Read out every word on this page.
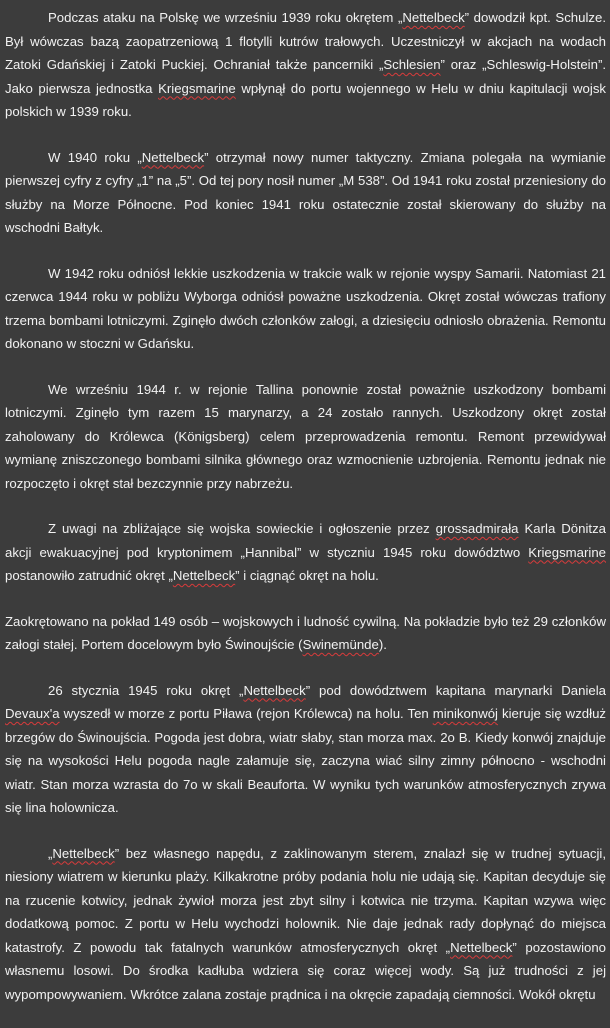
Podczas ataku na Polskę we wrześniu 1939 roku okrętem „Nettelbeck” dowodził kpt. Schulze. Był wówczas bazą zaopatrzeniową 1 flotylli kutrów trałowych. Uczestniczył w akcjach na wodach Zatoki Gdańskiej i Zatoki Puckiej. Ochraniał także pancerniki „Schlesien” oraz „Schleswig-Holstein”. Jako pierwsza jednostka Kriegsmarine wpłynął do portu wojennego w Helu w dniu kapitulacji wojsk polskich w 1939 roku.

W 1940 roku „Nettelbeck” otrzymał nowy numer taktyczny. Zmiana polegała na wymianie pierwszej cyfry z cyfry „1” na „5”. Od tej pory nosił numer „M 538”. Od 1941 roku został przeniesiony do służby na Morze Północne. Pod koniec 1941 roku ostatecznie został skierowany do służby na wschodni Bałtyk.

W 1942 roku odniósł lekkie uszkodzenia w trakcie walk w rejonie wyspy Samarii. Natomiast 21 czerwca 1944 roku w pobliżu Wyborga odniósł poważne uszkodzenia. Okręt został wówczas trafiony trzema bombami lotniczymi. Zginęło dwóch członków załogi, a dziesięciu odniosło obrażenia. Remontu dokonano w stoczni w Gdańsku.

We wrześniu 1944 r. w rejonie Tallina ponownie został poważnie uszkodzony bombami lotniczymi. Zginęło tym razem 15 marynarzy, a 24 zostało rannych. Uszkodzony okręt został zaholowany do Królewca (Königsberg) celem przeprowadzenia remontu. Remont przewidywał wymianę zniszczonego bombami silnika głównego oraz wzmocnienie uzbrojenia. Remontu jednak nie rozpoczęto i okręt stał bezczynnie przy nabrzeżu.

Z uwagi na zbliżające się wojska sowieckie i ogłoszenie przez grossadmirała Karla Dönitza akcji ewakuacyjnej pod kryptonimem „Hannibal” w styczniu 1945 roku dowództwo Kriegsmarine postanowiło zatrudnić okręt „Nettelbeck” i ciągnąć okręt na holu.

Zaokrętowano na pokład 149 osób – wojskowych i ludność cywilną. Na pokładzie było też 29 członków załogi stałej. Portem docelowym było Świnoujście (Swinemünde).

26 stycznia 1945 roku okręt „Nettelbeck” pod dowództwem kapitana marynarki Daniela Devaux'a wyszedł w morze z portu Piława (rejon Królewca) na holu. Ten minikonwój kieruje się wzdłuż brzegów do Świnoujścia. Pogoda jest dobra, wiatr słaby, stan morza max. 2o B. Kiedy konwój znajduje się na wysokości Helu pogoda nagle załamuje się, zaczyna wiać silny zimny północno - wschodni wiatr. Stan morza wzrasta do 7o w skali Beauforta. W wyniku tych warunków atmosferycznych zrywa się lina holownicza.

„Nettelbeck” bez własnego napędu, z zaklinowanym sterem, znalazł się w trudnej sytuacji, niesiony wiatrem w kierunku plaży. Kilkakrotne próby podania holu nie udają się. Kapitan decyduje się na rzucenie kotwicy, jednak żywioł morza jest zbyt silny i kotwica nie trzyma. Kapitan wzywa więc dodatkową pomoc. Z portu w Helu wychodzi holownik. Nie daje jednak rady dopłynąć do miejsca katastrofy. Z powodu tak fatalnych warunków atmosferycznych okręt „Nettelbeck” pozostawiono własnemu losowi. Do środka kadłuba wdziera się coraz więcej wody. Są już trudności z jej wypompowywaniem. Wkrótce zalana zostaje prądnica i na okręcie zapadają ciemności. Wokół okrętu
